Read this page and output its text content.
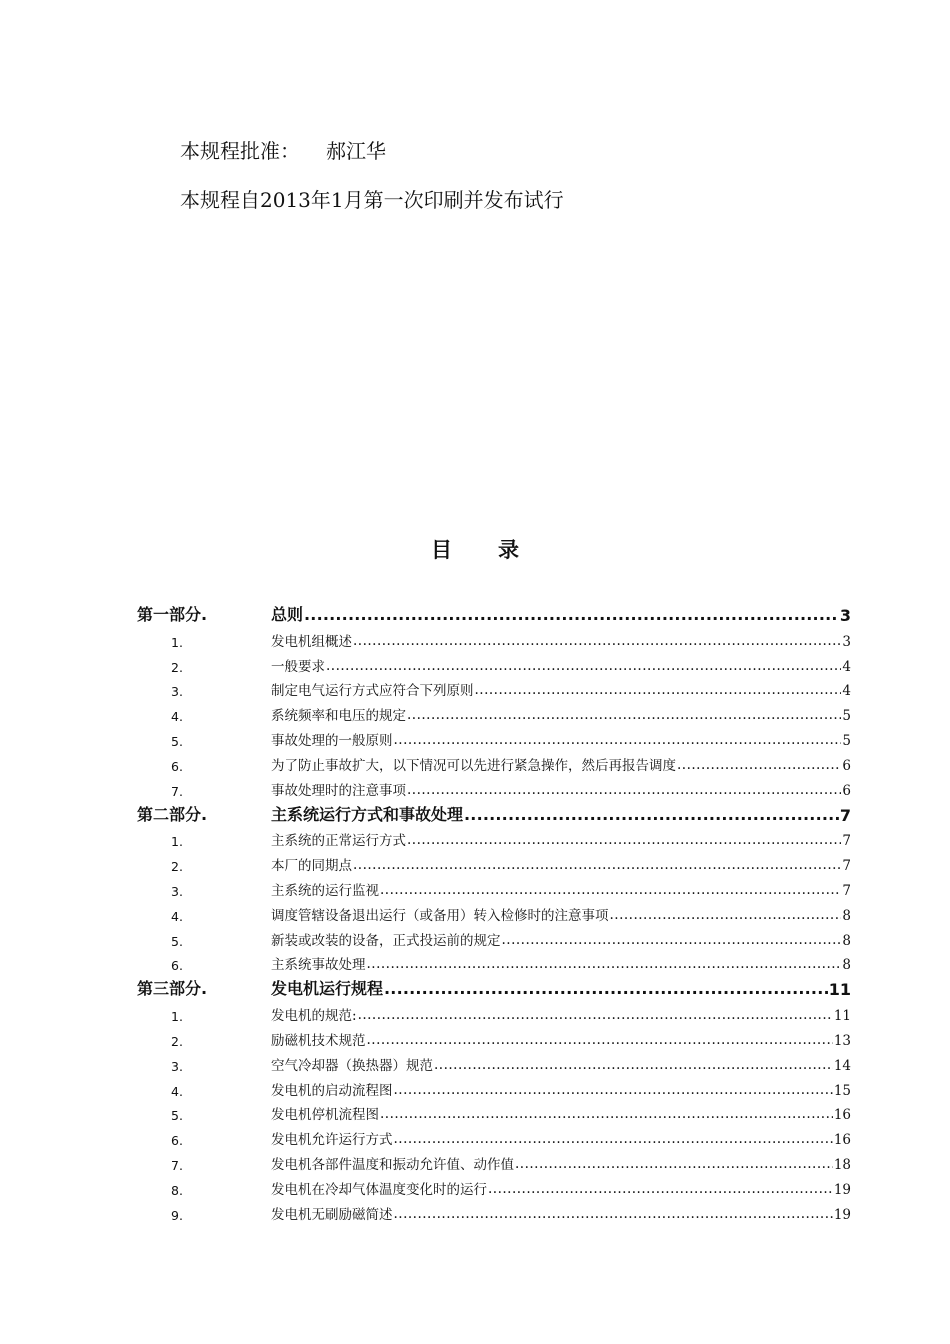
本规程批准： 郝江华
本规程自2013年1月第一次印刷并发布试行
目录
第一部分.	总则 .....	3
1.	发电机组概述 .....	3
2.	一般要求 .....	4
3.	制定电气运行方式应符合下列原则 .....	4
4.	系统频率和电压的规定 .....	5
5.	事故处理的一般原则 .....	5
6.	为了防止事故扩大，以下情况可以先进行紧急操作，然后再报告调度 .....	6
7.	事故处理时的注意事项 .....	6
第二部分.	主系统运行方式和事故处理 .....	7
1.	主系统的正常运行方式 .....	7
2.	本厂的同期点 .....	7
3.	主系统的运行监视 .....	7
4.	调度管辖设备退出运行（或备用）转入检修时的注意事项 .....	8
5.	新装或改装的设备，正式投运前的规定 .....	8
6.	主系统事故处理 .....	8
第三部分.	发电机运行规程 .....	11
1.	发电机的规范: .....	11
2.	励磁机技术规范 .....	13
3.	空气冷却器（换热器）规范 .....	14
4.	发电机的启动流程图 .....	15
5.	发电机停机流程图 .....	16
6.	发电机允许运行方式 .....	16
7.	发电机各部件温度和振动允许值、动作值 .....	18
8.	发电机在冷却气体温度变化时的运行 .....	19
9.	发电机无刷励磁简述 .....	19
